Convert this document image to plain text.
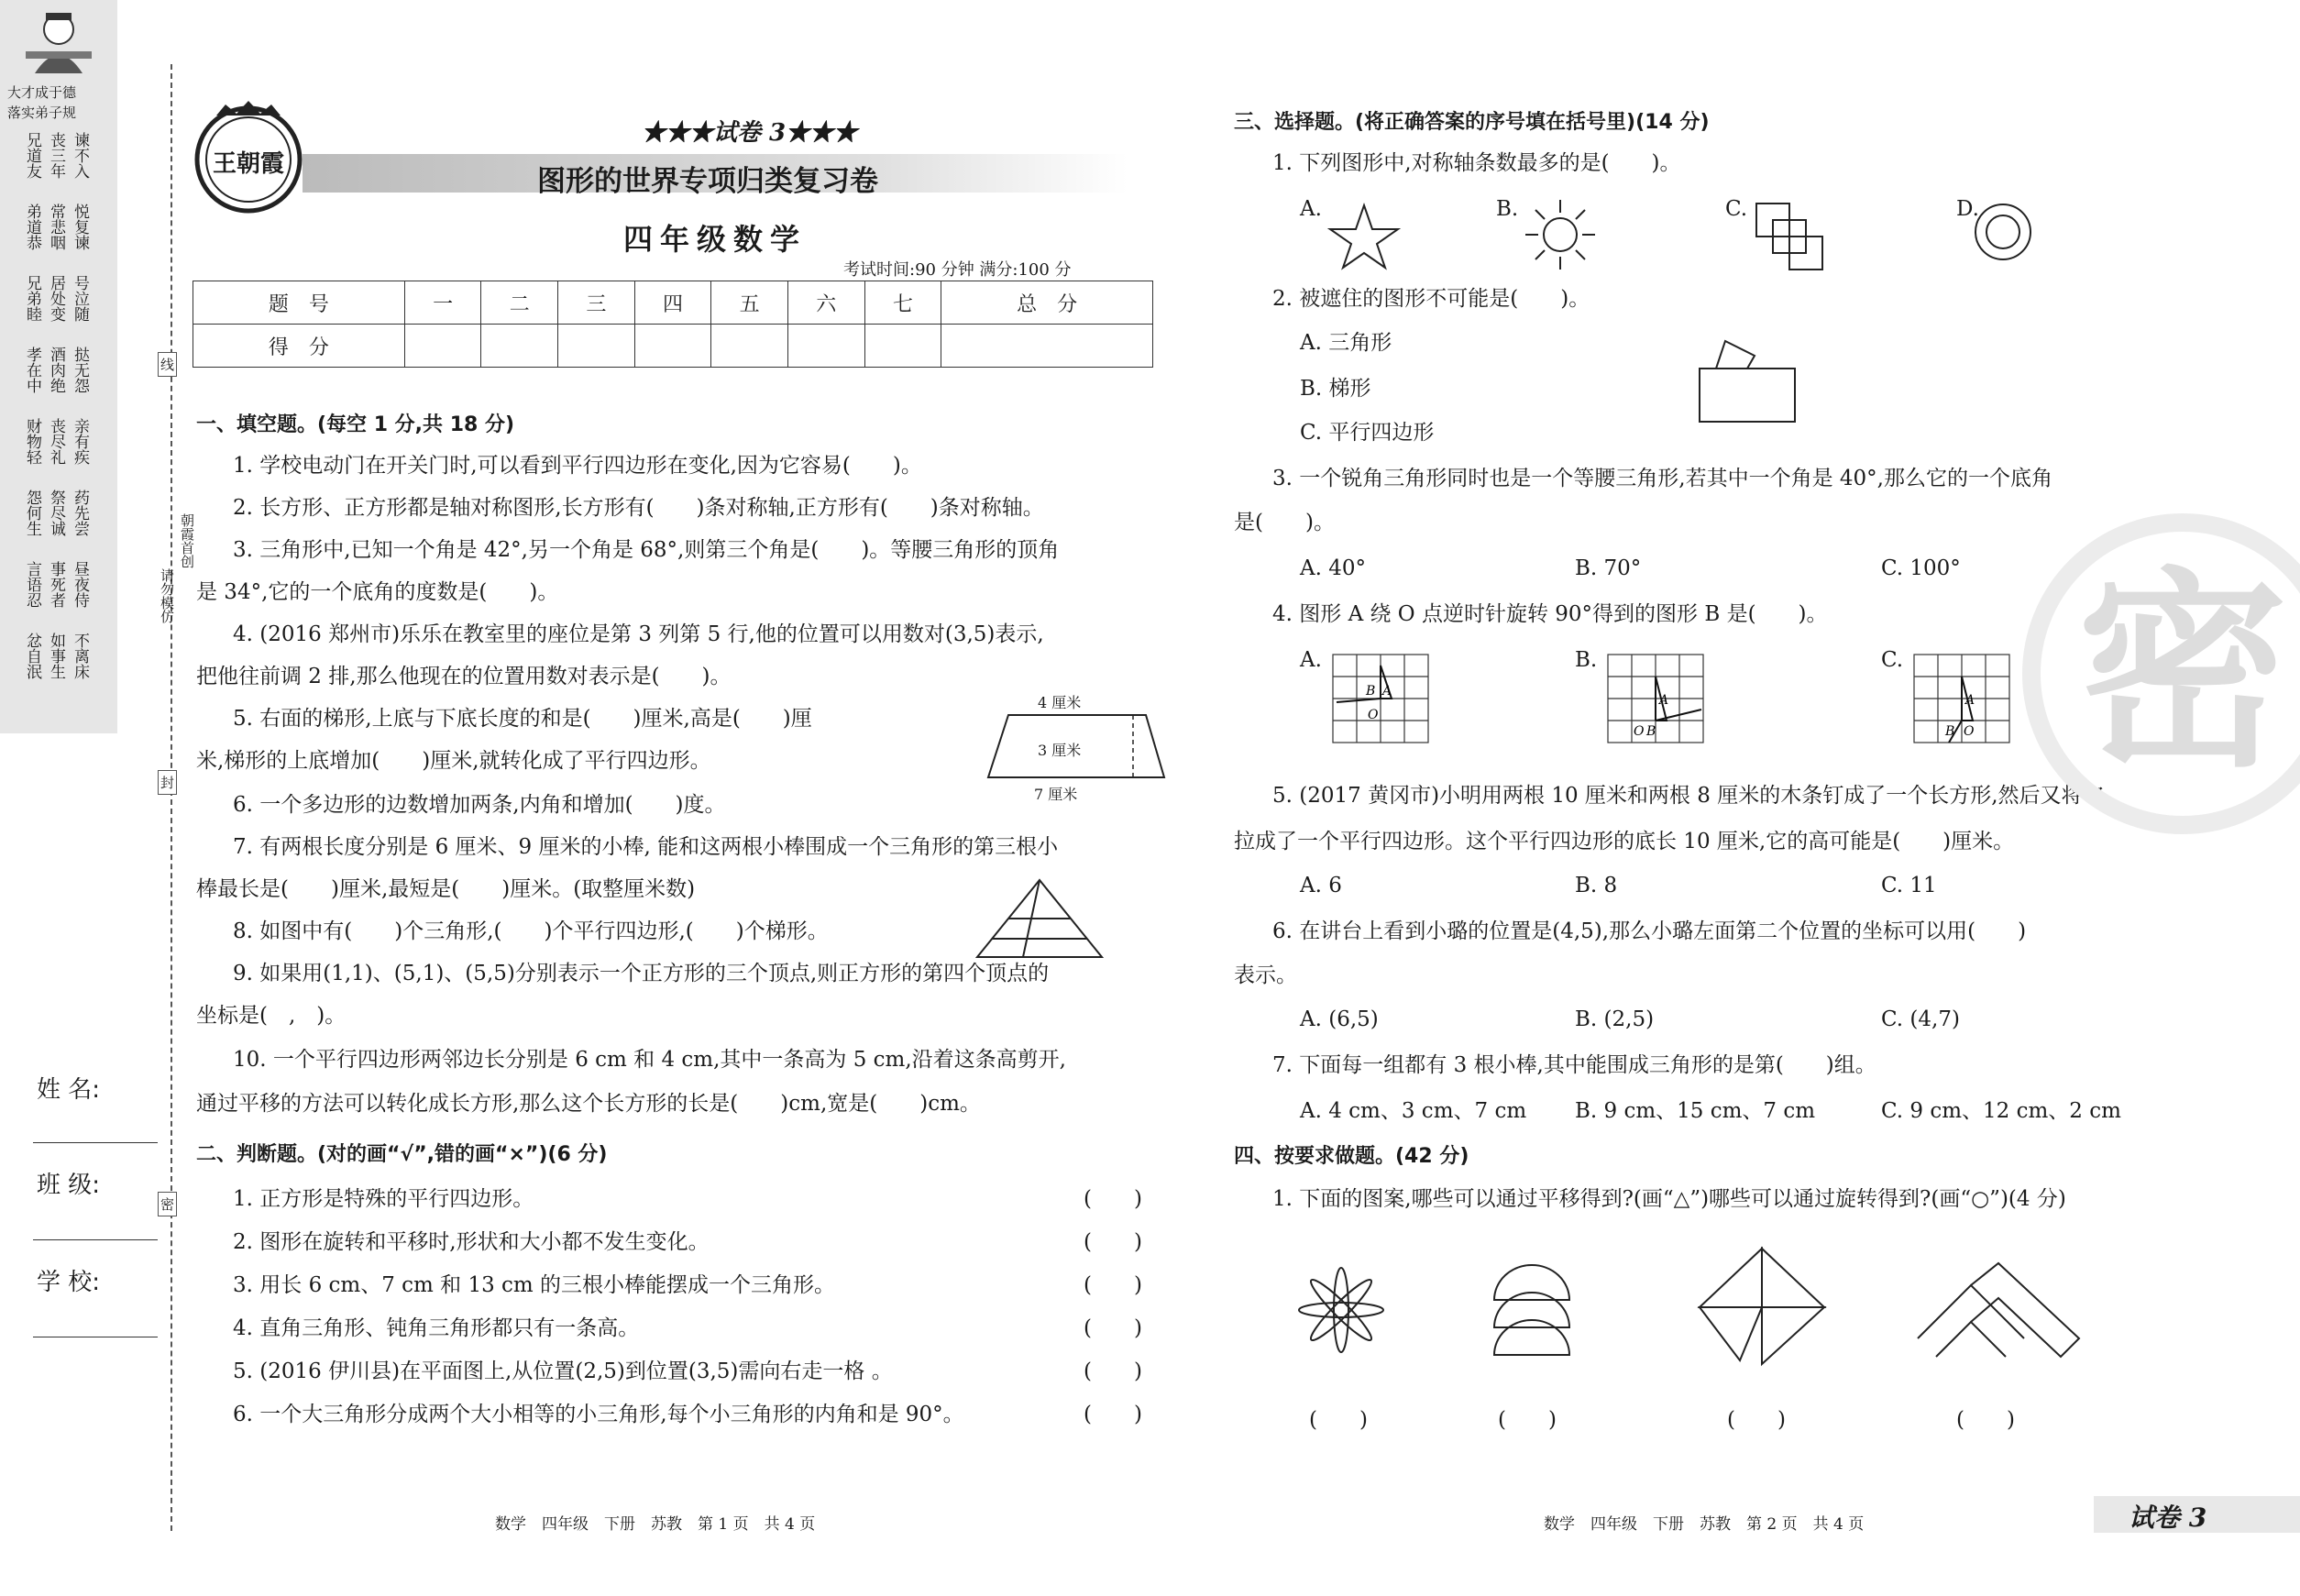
大才成于德
落实弟子规
兄道友 丧三年 谏不入
弟道恭 常悲咽 悦复谏
兄弟睦 居处变 号泣随
孝在中 酒肉绝 挞无怨
财物轻 丧尽礼 亲有疾
怨何生 祭尽诚 药先尝
言语忍 事死者 昼夜侍
忿自泯 如事生 不离床
姓 名:
班 级:
学 校:
线
封
密
朝霞首创
请勿模仿
王朝霞
★★★试卷 3★★★
图形的世界专项归类复习卷
四年级数学
考试时间:90 分钟 满分:100 分
题　号	一	二	三	四	五	六	七	总　分
得　分								
一、填空题。(每空 1 分,共 18 分)
1. 学校电动门在开关门时,可以看到平行四边形在变化,因为它容易(　　)。
2. 长方形、正方形都是轴对称图形,长方形有(　　)条对称轴,正方形有(　　)条对称轴。
3. 三角形中,已知一个角是 42°,另一个角是 68°,则第三个角是(　　)。等腰三角形的顶角
是 34°,它的一个底角的度数是(　　)。
4. (2016 郑州市)乐乐在教室里的座位是第 3 列第 5 行,他的位置可以用数对(3,5)表示,
把他往前调 2 排,那么他现在的位置用数对表示是(　　)。
5. 右面的梯形,上底与下底长度的和是(　　)厘米,高是(　　)厘
米,梯形的上底增加(　　)厘米,就转化成了平行四边形。
6. 一个多边形的边数增加两条,内角和增加(　　)度。
7. 有两根长度分别是 6 厘米、9 厘米的小棒, 能和这两根小棒围成一个三角形的第三根小
棒最长是(　　)厘米,最短是(　　)厘米。(取整厘米数)
8. 如图中有(　　)个三角形,(　　)个平行四边形,(　　)个梯形。
9. 如果用(1,1)、(5,1)、(5,5)分别表示一个正方形的三个顶点,则正方形的第四个顶点的
坐标是(　,　)。
10. 一个平行四边形两邻边长分别是 6 cm 和 4 cm,其中一条高为 5 cm,沿着这条高剪开,
通过平移的方法可以转化成长方形,那么这个长方形的长是(　　)cm,宽是(　　)cm。
4 厘米
3 厘米
7 厘米
二、判断题。(对的画“√”,错的画“×”)(6 分)
1. 正方形是特殊的平行四边形。	(　　)
2. 图形在旋转和平移时,形状和大小都不发生变化。	(　　)
3. 用长 6 cm、7 cm 和 13 cm 的三根小棒能摆成一个三角形。	(　　)
4. 直角三角形、钝角三角形都只有一条高。	(　　)
5. (2016 伊川县)在平面图上,从位置(2,5)到位置(3,5)需向右走一格 。	(　　)
6. 一个大三角形分成两个大小相等的小三角形,每个小三角形的内角和是 90°。	(　　)
三、选择题。(将正确答案的序号填在括号里)(14 分)
1. 下列图形中,对称轴条数最多的是(　　)。
A.	B.	C.	D.
2. 被遮住的图形不可能是(　　)。
A. 三角形
B. 梯形
C. 平行四边形
3. 一个锐角三角形同时也是一个等腰三角形,若其中一个角是 40°,那么它的一个底角
是(　　)。
A. 40°	B. 70°	C. 100°
4. 图形 A 绕 O 点逆时针旋转 90°得到的图形 B 是(　　)。
A.	B.	C.
A
B
O
A
O B
A
B O
5. (2017 黄冈市)小明用两根 10 厘米和两根 8 厘米的木条钉成了一个长方形,然后又将它
拉成了一个平行四边形。这个平行四边形的底长 10 厘米,它的高可能是(　　)厘米。
A. 6	B. 8	C. 11
6. 在讲台上看到小璐的位置是(4,5),那么小璐左面第二个位置的坐标可以用(　　)
表示。
A. (6,5)	B. (2,5)	C. (4,7)
7. 下面每一组都有 3 根小棒,其中能围成三角形的是第(　　)组。
A. 4 cm、3 cm、7 cm B. 9 cm、15 cm、7 cm	C. 9 cm、12 cm、2 cm
四、按要求做题。(42 分)
1. 下面的图案,哪些可以通过平移得到?(画“△”)哪些可以通过旋转得到?(画“○”)(4 分)
(　　)	(　　)	(　　)	(　　)
密
数学　四年级　下册　苏教　第 1 页　共 4 页	数学　四年级　下册　苏教　第 2 页　共 4 页	试卷 3
